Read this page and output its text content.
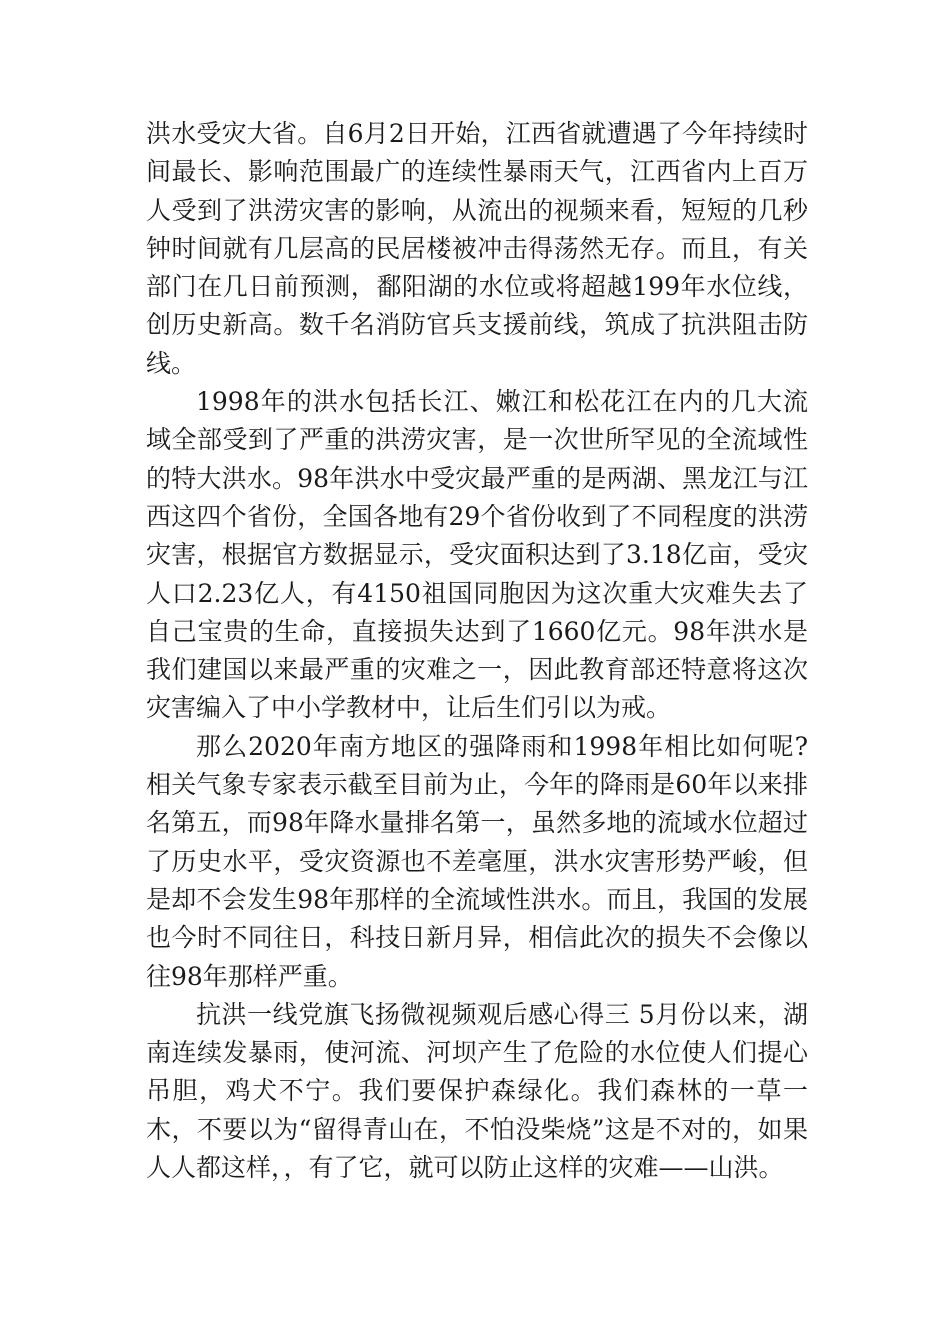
洪水受灾大省。自6月2日开始，江西省就遭遇了今年持续时间最长、影响范围最广的连续性暴雨天气，江西省内上百万人受到了洪涝灾害的影响，从流出的视频来看，短短的几秒钟时间就有几层高的民居楼被冲击得荡然无存。而且，有关部门在几日前预测，鄱阳湖的水位或将超越199年水位线，创历史新高。数千名消防官兵支援前线，筑成了抗洪阻击防线。

1998年的洪水包括长江、嫩江和松花江在内的几大流域全部受到了严重的洪涝灾害，是一次世所罕见的全流域性的特大洪水。98年洪水中受灾最严重的是两湖、黑龙江与江西这四个省份，全国各地有29个省份收到了不同程度的洪涝灾害，根据官方数据显示，受灾面积达到了3.18亿亩，受灾人口2.23亿人，有4150祖国同胞因为这次重大灾难失去了自己宝贵的生命，直接损失达到了1660亿元。98年洪水是我们建国以来最严重的灾难之一，因此教育部还特意将这次灾害编入了中小学教材中，让后生们引以为戒。

那么2020年南方地区的强降雨和1998年相比如何呢?相关气象专家表示截至目前为止，今年的降雨是60年以来排名第五，而98年降水量排名第一，虽然多地的流域水位超过了历史水平，受灾资源也不差毫厘，洪水灾害形势严峻，但是却不会发生98年那样的全流域性洪水。而且，我国的发展也今时不同往日，科技日新月异，相信此次的损失不会像以往98年那样严重。

抗洪一线党旗飞扬微视频观后感心得三 5月份以来，湖南连续发暴雨，使河流、河坝产生了危险的水位使人们提心吊胆，鸡犬不宁。我们要保护森绿化。我们森林的一草一木，不要以为“留得青山在，不怕没柴烧”这是不对的，如果人人都这样，，有了它，就可以防止这样的灾难——山洪。
